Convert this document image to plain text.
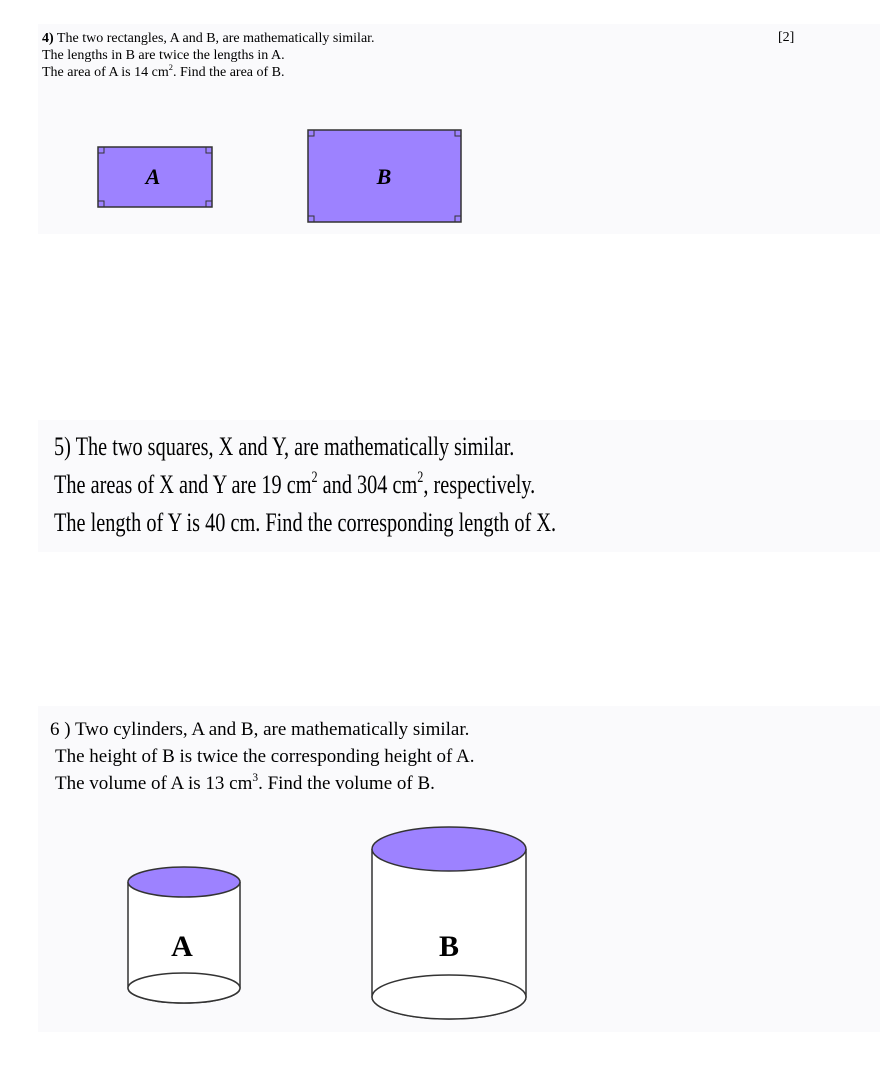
4) The two rectangles, A and B, are mathematically similar.
The lengths in B are twice the lengths in A.
The area of A is 14 $cm^2$. Find the area of B.
[2]
5) The two squares, X and Y, are mathematically similar.
The areas of X and Y are 19 $cm^2$ and 304 $cm^2$, respectively.
The length of Y is 40 cm. Find the corresponding length of X.
6 ) Two cylinders, A and B, are mathematically similar.
The height of B is twice the corresponding height of A.
The volume of A is 13 $cm^3$. Find the volume of B.
A	B
A	B
